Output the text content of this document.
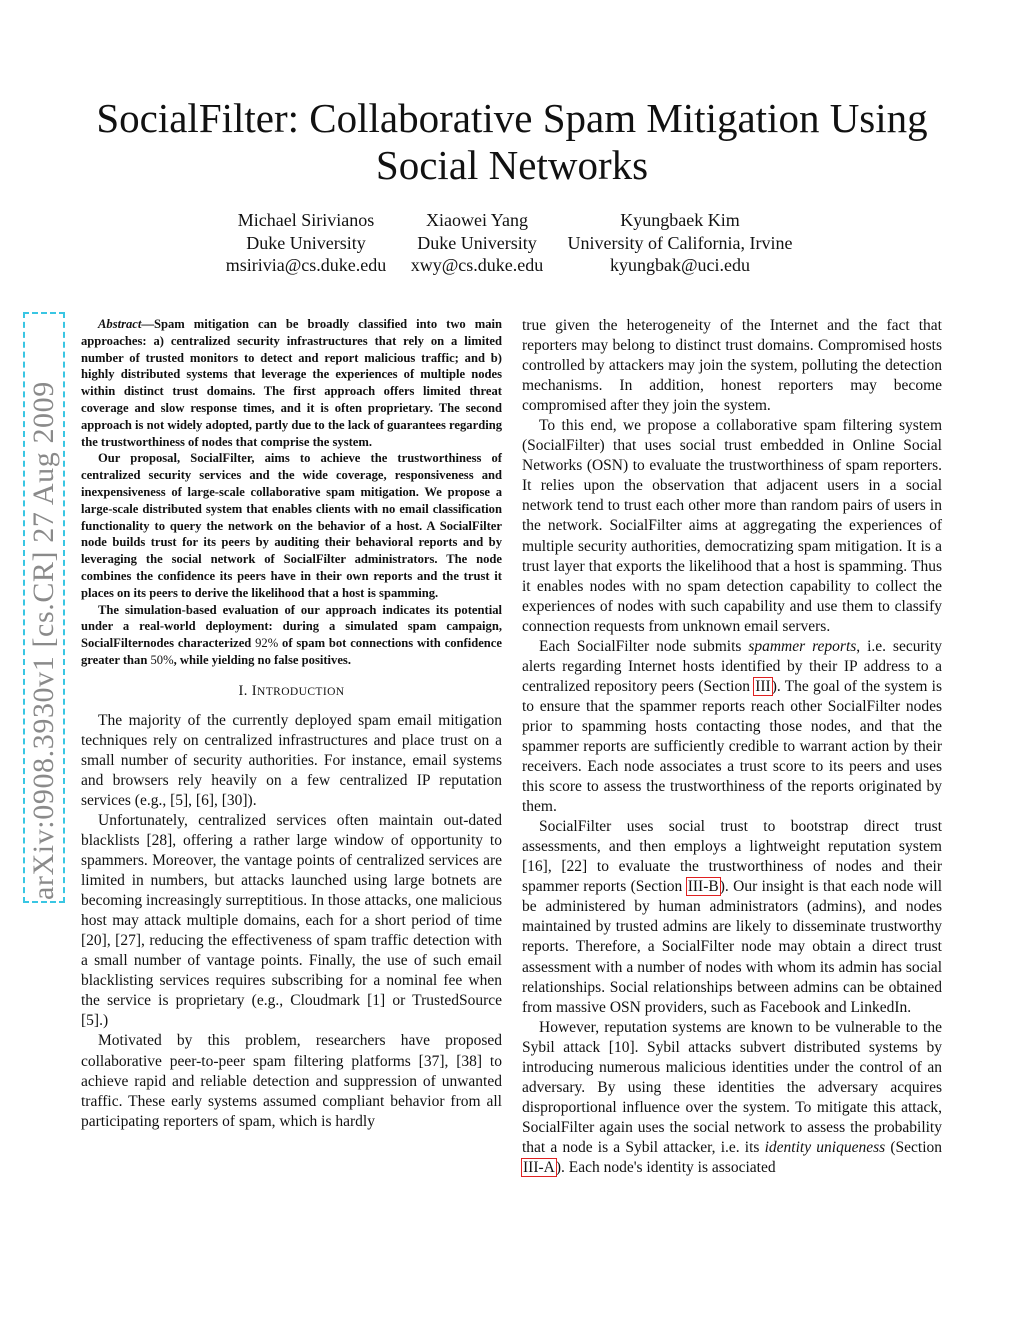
SocialFilter: Collaborative Spam Mitigation Using Social Networks
Michael Sirivianos
Duke University
msirivia@cs.duke.edu
Xiaowei Yang
Duke University
xwy@cs.duke.edu
Kyungbaek Kim
University of California, Irvine
kyungbak@uci.edu
arXiv:0908.3930v1 [cs.CR] 27 Aug 2009

Abstract—Spam mitigation can be broadly classified into two main approaches: a) centralized security infrastructures that rely on a limited number of trusted monitors to detect and report malicious traffic; and b) highly distributed systems that leverage the experiences of multiple nodes within distinct trust domains. The first approach offers limited threat coverage and slow response times, and it is often proprietary. The second approach is not widely adopted, partly due to the lack of guarantees regarding the trustworthiness of nodes that comprise the system.

Our proposal, SocialFilter, aims to achieve the trustworthiness of centralized security services and the wide coverage, responsiveness and inexpensiveness of large-scale collaborative spam mitigation. We propose a large-scale distributed system that enables clients with no email classification functionality to query the network on the behavior of a host. A SocialFilter node builds trust for its peers by auditing their behavioral reports and by leveraging the social network of SocialFilter administrators. The node combines the confidence its peers have in their own reports and the trust it places on its peers to derive the likelihood that a host is spamming.

The simulation-based evaluation of our approach indicates its potential under a real-world deployment: during a simulated spam campaign, SocialFilternodes characterized 92% of spam bot connections with confidence greater than 50%, while yielding no false positives.

I. INTRODUCTION

The majority of the currently deployed spam email mitigation techniques rely on centralized infrastructures and place trust on a small number of security authorities. For instance, email systems and browsers rely heavily on a few centralized IP reputation services (e.g., [5], [6], [30]).

Unfortunately, centralized services often maintain out-dated blacklists [28], offering a rather large window of opportunity to spammers. Moreover, the vantage points of centralized services are limited in numbers, but attacks launched using large botnets are becoming increasingly surreptitious. In those attacks, one malicious host may attack multiple domains, each for a short period of time [20], [27], reducing the effectiveness of spam traffic detection with a small number of vantage points. Finally, the use of such email blacklisting services requires subscribing for a nominal fee when the service is proprietary (e.g., Cloudmark [1] or TrustedSource [5].)

Motivated by this problem, researchers have proposed collaborative peer-to-peer spam filtering platforms [37], [38] to achieve rapid and reliable detection and suppression of unwanted traffic. These early systems assumed compliant behavior from all participating reporters of spam, which is hardly

true given the heterogeneity of the Internet and the fact that reporters may belong to distinct trust domains. Compromised hosts controlled by attackers may join the system, polluting the detection mechanisms. In addition, honest reporters may become compromised after they join the system.

To this end, we propose a collaborative spam filtering system (SocialFilter) that uses social trust embedded in Online Social Networks (OSN) to evaluate the trustworthiness of spam reporters. It relies upon the observation that adjacent users in a social network tend to trust each other more than random pairs of users in the network. SocialFilter aims at aggregating the experiences of multiple security authorities, democratizing spam mitigation. It is a trust layer that exports the likelihood that a host is spamming. Thus it enables nodes with no spam detection capability to collect the experiences of nodes with such capability and use them to classify connection requests from unknown email servers.

Each SocialFilter node submits spammer reports, i.e. security alerts regarding Internet hosts identified by their IP address to a centralized repository peers (Section III). The goal of the system is to ensure that the spammer reports reach other SocialFilter nodes prior to spamming hosts contacting those nodes, and that the spammer reports are sufficiently credible to warrant action by their receivers. Each node associates a trust score to its peers and uses this score to assess the trustworthiness of the reports originated by them.

SocialFilter uses social trust to bootstrap direct trust assessments, and then employs a lightweight reputation system [16], [22] to evaluate the trustworthiness of nodes and their spammer reports (Section III-B). Our insight is that each node will be administered by human administrators (admins), and nodes maintained by trusted admins are likely to disseminate trustworthy reports. Therefore, a SocialFilter node may obtain a direct trust assessment with a number of nodes with whom its admin has social relationships. Social relationships between admins can be obtained from massive OSN providers, such as Facebook and LinkedIn.

However, reputation systems are known to be vulnerable to the Sybil attack [10]. Sybil attacks subvert distributed systems by introducing numerous malicious identities under the control of an adversary. By using these identities the adversary acquires disproportional influence over the system. To mitigate this attack, SocialFilter again uses the social network to assess the probability that a node is a Sybil attacker, i.e. its identity uniqueness (Section III-A). Each node's identity is associated
